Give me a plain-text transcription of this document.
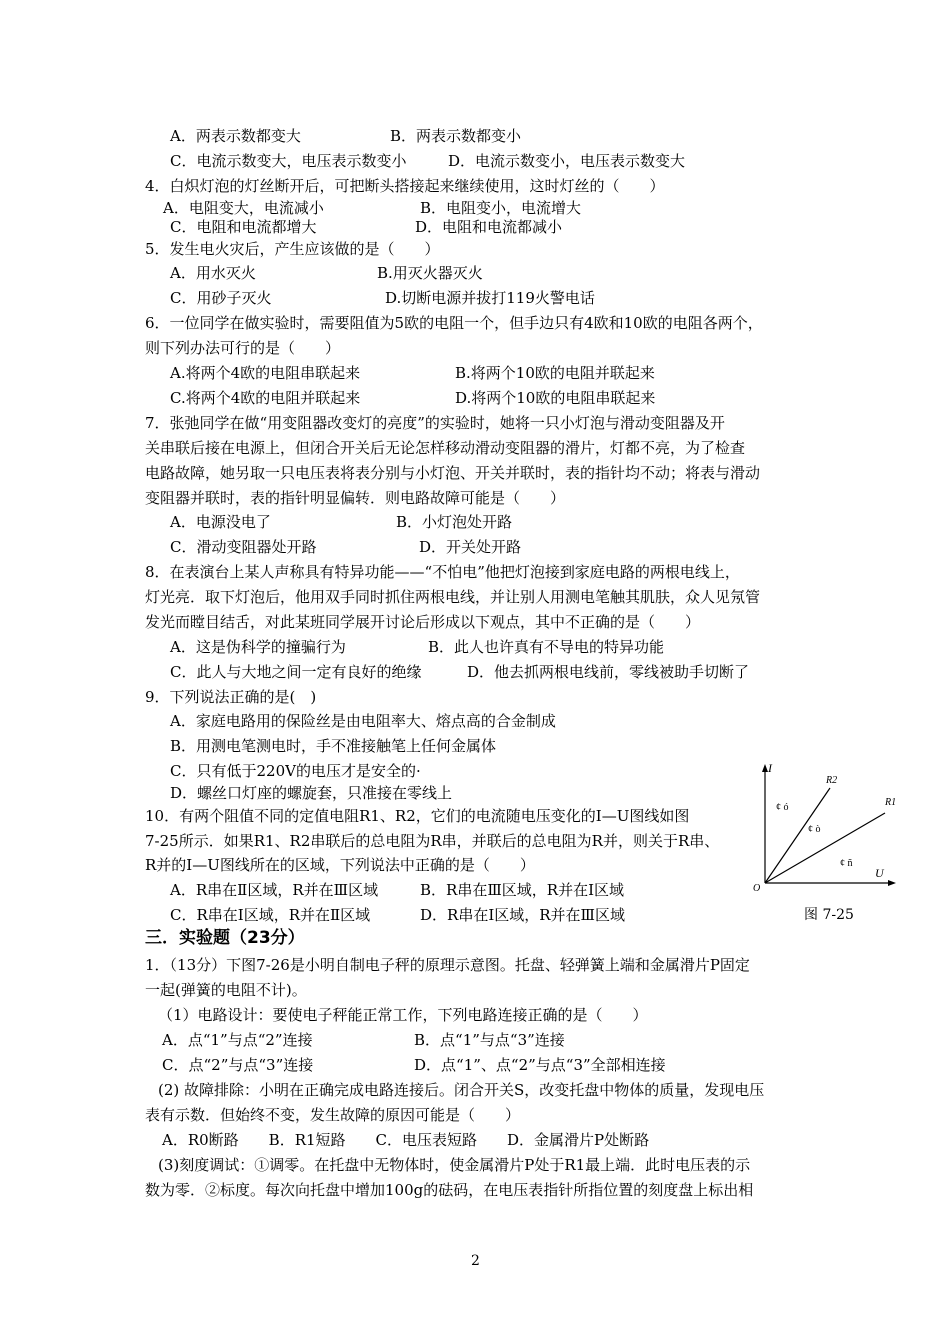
A．两表示数都变大	B．两表示数都变小
C．电流示数变大，电压表示数变小	D．电流示数变小，电压表示数变大
4．白炽灯泡的灯丝断开后，可把断头搭接起来继续使用，这时灯丝的（　　）
A．电阻变大，电流减小	B．电阻变小，电流增大
C．电阻和电流都增大	D．电阻和电流都减小
5．发生电火灾后，产生应该做的是（　　）
A．用水灭火	B.用灭火器灭火
C．用砂子灭火	D.切断电源并拔打119火警电话
6．一位同学在做实验时，需要阻值为5欧的电阻一个，但手边只有4欧和10欧的电阻各两个，
则下列办法可行的是（　　）
A.将两个4欧的电阻串联起来	B.将两个10欧的电阻并联起来
C.将两个4欧的电阻并联起来	D.将两个10欧的电阻串联起来
7．张弛同学在做“用变阻器改变灯的亮度”的实验时，她将一只小灯泡与滑动变阻器及开
关串联后接在电源上，但闭合开关后无论怎样移动滑动变阻器的滑片，灯都不亮，为了检查
电路故障，她另取一只电压表将表分别与小灯泡、开关并联时，表的指针均不动；将表与滑动
变阻器并联时，表的指针明显偏转．则电路故障可能是（　　）
A．电源没电了	B．小灯泡处开路
C．滑动变阻器处开路	D．开关处开路
8．在表演台上某人声称具有特异功能——“不怕电”他把灯泡接到家庭电路的两根电线上，
灯光亮．取下灯泡后，他用双手同时抓住两根电线，并让别人用测电笔触其肌肤，众人见氖管
发光而瞠目结舌，对此某班同学展开讨论后形成以下观点，其中不正确的是（　　）
A．这是伪科学的撞骗行为	B．此人也许真有不导电的特异功能
C．此人与大地之间一定有良好的绝缘	D．他去抓两根电线前，零线被助手切断了
9．下列说法正确的是(　)
A．家庭电路用的保险丝是由电阻率大、熔点高的合金制成
B．用测电笔测电时，手不准接触笔上任何金属体
C．只有低于220V的电压才是安全的·
D．螺丝口灯座的螺旋套，只准接在零线上
10．有两个阻值不同的定值电阻R1、R2，它们的电流随电压变化的I—U图线如图
7-25所示．如果R1、R2串联后的总电阻为R串，并联后的总电阻为R并，则关于R串、
R并的I—U图线所在的区域，下列说法中正确的是（　　）
A．R串在Ⅱ区域，R并在Ⅲ区域	B．R串在Ⅲ区域，R并在Ⅰ区域
C．R串在Ⅰ区域，R并在Ⅱ区域	D．R串在Ⅰ区域，R并在Ⅲ区域
I
U
O
R2
R1
¢ ó
¢ ò
¢ ñ
图 7-25
三．实验题（23分）
1．（13分）下图7-26是小明自制电子秤的原理示意图。托盘、轻弹簧上端和金属滑片P固定
一起(弹簧的电阻不计)。
（1）电路设计：要使电子秤能正常工作，下列电路连接正确的是（　　）
A．点“1”与点“2”连接	B．点“1”与点“3”连接
C．点“2”与点“3”连接	D．点“1”、点“2”与点“3”全部相连接
(2) 故障排除：小明在正确完成电路连接后。闭合开关S，改变托盘中物体的质量，发现电压
表有示数．但始终不变，发生故障的原因可能是（　　）
A．R0断路　　B．R1短路　　C．电压表短路　　D．金属滑片P处断路
(3)刻度调试：①调零。在托盘中无物体时，使金属滑片P处于R1最上端．此时电压表的示
数为零．②标度。每次向托盘中增加100g的砝码，在电压表指针所指位置的刻度盘上标出相
2
